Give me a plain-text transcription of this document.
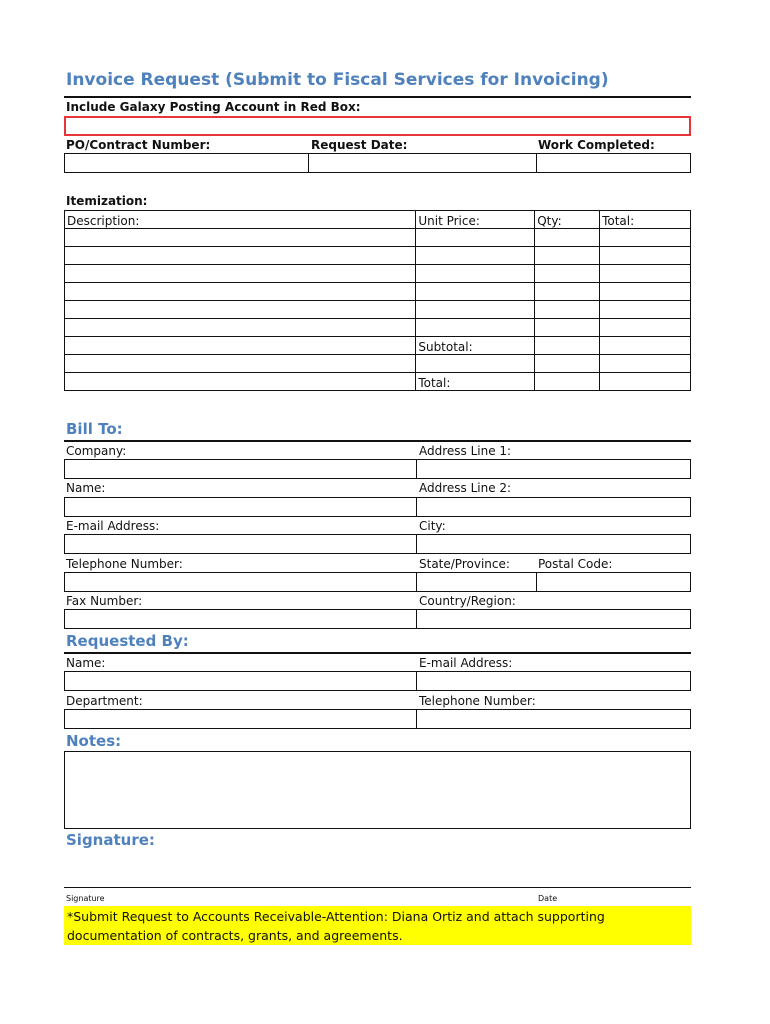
Invoice Request (Submit to Fiscal Services for Invoicing)
Include Galaxy Posting Account in Red Box:
PO/Contract Number:	Request Date:	Work Completed:
Itemization:
Description:	Unit Price:	Qty:	Total:

	Subtotal:		

	Total:		
Bill To:
Company:	Address Line 1:
Name:	Address Line 2:
E-mail Address:	City:
Telephone Number:	State/Province: Postal Code:
Fax Number:	Country/Region:
Requested By:
Name:	E-mail Address:
Department:	Telephone Number:
Notes:
Signature:
Signature	Date
*Submit Request to Accounts Receivable-Attention: Diana Ortiz and attach supporting documentation of contracts, grants, and agreements.
